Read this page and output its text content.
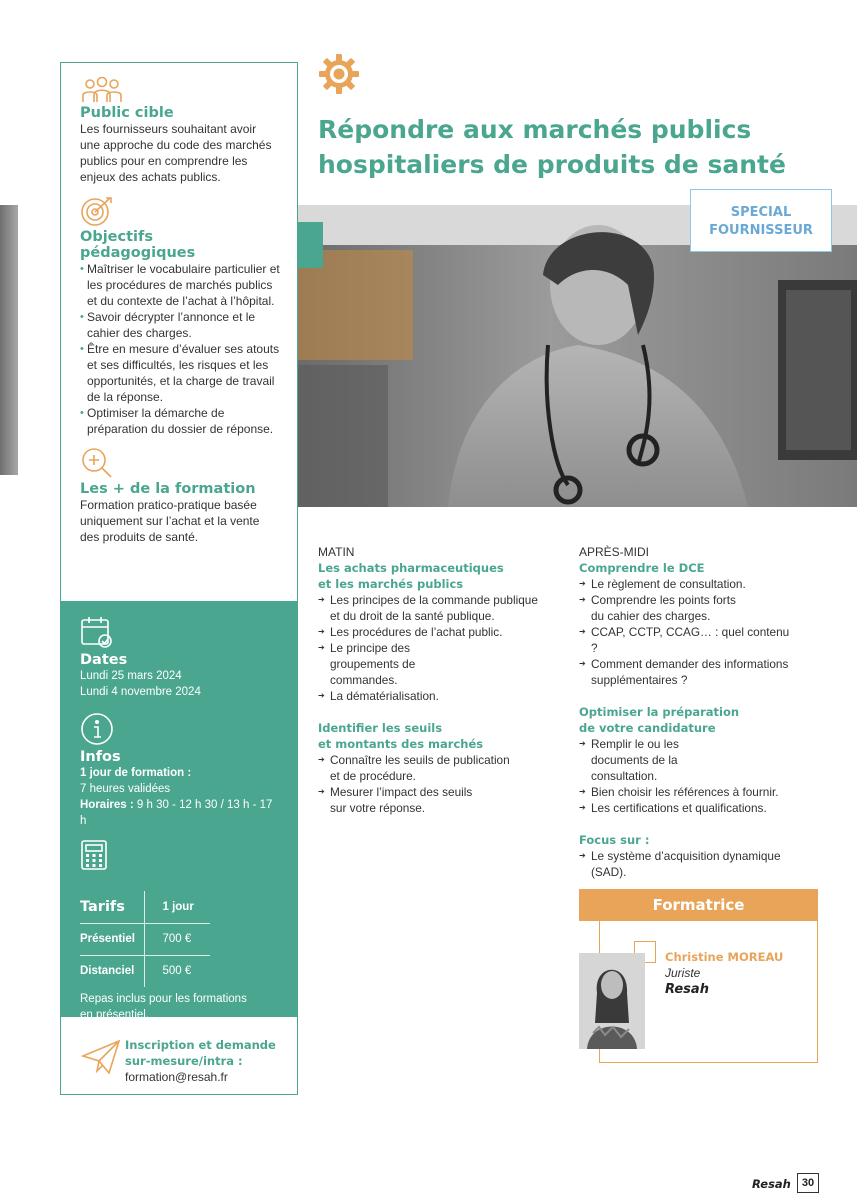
Répondre aux marchés publics
hospitaliers de produits de santé
SPECIAL
FOURNISSEUR
Public cible

Les fournisseurs souhaitant avoir une approche du code des marchés publics pour en comprendre les enjeux des achats publics.

Objectifs
pédagogiques
• Maîtriser le vocabulaire particulier et les procédures de marchés publics et du contexte de l’achat à l’hôpital.
• Savoir décrypter l’annonce et le cahier des charges.
• Être en mesure d’évaluer ses atouts et ses difficultés, les risques et les opportunités, et la charge de travail de la réponse.
• Optimiser la démarche de préparation du dossier de réponse.
Les + de la formation

Formation pratico-pratique basée uniquement sur l’achat et la vente des produits de santé.

Dates
Lundi 25 mars 2024
Lundi 4 novembre 2024
Infos
1 jour de formation :
7 heures validées
Horaires : 9 h 30 - 12 h 30 / 13 h - 17 h
Tarifs	1 jour
Présentiel	700 €
Distanciel	500 €
Repas inclus pour les formations
en présentiel.
Inscription et demande
sur-mesure/intra :
formation@resah.fr
MATIN
Les achats pharmaceutiques
et les marchés publics
➔ Les principes de la commande publique et du droit de la santé publique.
➔ Les procédures de l’achat public.
➔ Le principe des groupements de commandes.
➔ La dématérialisation.
Identifier les seuils
et montants des marchés
➔ Connaître les seuils de publication et de procédure.
➔ Mesurer l’impact des seuils sur votre réponse.
APRÈS-MIDI
Comprendre le DCE
➔ Le règlement de consultation.
➔ Comprendre les points forts du cahier des charges.
➔ CCAP, CCTP, CCAG… : quel contenu ?
➔ Comment demander des informations supplémentaires ?
Optimiser la préparation
de votre candidature
➔ Remplir le ou les documents de la consultation.
➔ Bien choisir les références à fournir.
➔ Les certifications et qualifications.
Focus sur :
➔ Le système d’acquisition dynamique (SAD).
Formatrice
Christine MOREAU
Juriste
Resah
Resah	30
